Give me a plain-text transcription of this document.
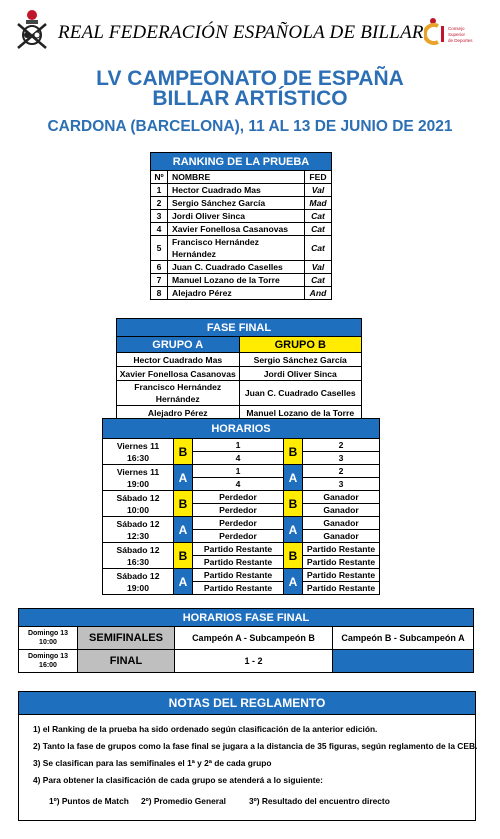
REAL FEDERACIÓN ESPAÑOLA DE BILLAR	Consejo
Superior
de Deportes
LV CAMPEONATO DE ESPAÑA
BILLAR ARTÍSTICO
CARDONA (BARCELONA), 11 AL 13 DE JUNIO DE 2021
RANKING DE LA PRUEBA		
Nº	NOMBRE	FED
1	Hector Cuadrado Mas	Val
2	Sergio Sánchez García	Mad
3	Jordi Oliver Sinca	Cat
4	Xavier Fonellosa Casanovas	Cat
5	Francisco Hernández Hernández	Cat
6	Juan C. Cuadrado Caselles	Val
7	Manuel Lozano de la Torre	Cat
8	Alejadro Pérez	And
FASE FINAL	
GRUPO A	GRUPO B
Hector Cuadrado Mas	Sergio Sánchez García
Xavier Fonellosa Casanovas	Jordi Oliver Sinca
Francisco Hernández Hernández	Juan C. Cuadrado Caselles
Alejadro Pérez	Manuel Lozano de la Torre
HORARIOS				

Viernes 11
16:30	B	1	B	2
		4		3

Viernes 11
19:00	A	1	A	2
		4		3

Sábado 12
10:00	B	Perdedor	B	Ganador
		Perdedor		Ganador

Sábado 12
12:30	A	Perdedor	A	Ganador
		Perdedor		Ganador

Sábado 12
16:30	B	Partido Restante	B	Partido Restante
		Partido Restante		Partido Restante

Sábado 12
19:00	A	Partido Restante	A	Partido Restante
		Partido Restante		Partido Restante
HORARIOS FASE FINAL			

Domingo 13
10:00	SEMIFINALES	Campeón A - Subcampeón B	Campeón B - Subcampeón A

Domingo 13
16:00	FINAL	1 - 2	
NOTAS DEL REGLAMENTO
1) el Ranking de la prueba ha sido ordenado según clasificación de la anterior edición.
2) Tanto la fase de grupos como la fase final se jugara a la distancia de 35 figuras, según reglamento de la CEB.
3) Se clasifican para las semifinales el 1ª y 2ª de cada grupo
4) Para obtener la clasificación de cada grupo se atenderá a lo siguiente:
1º) Puntos de Match 2º) Promedio General	3º) Resultado del encuentro directo
